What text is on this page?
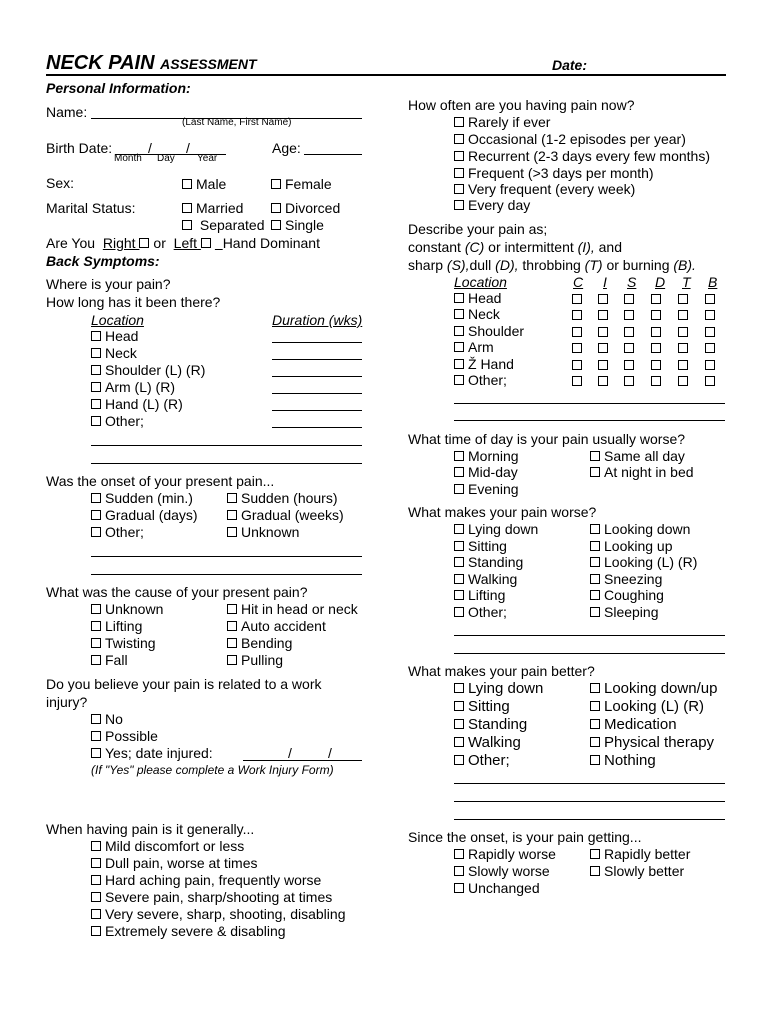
NECK PAIN ASSESSMENT	Date:
Personal Information:
Name:
(Last Name, First Name)
Birth Date:	/ /
Month Day Year
Age:
Sex:	Male	Female
Marital Status:	Married	Divorced
Separated	Single
Are You Right or Left Hand Dominant
Back Symptoms:
Where is your pain?
How long has it been there?
Location	Duration (wks)
Head
Neck
Shoulder (L) (R)
Arm (L) (R)
Hand (L) (R)
Other;
Was the onset of your present pain...
Sudden (min.)	Sudden (hours)
Gradual (days)	Gradual (weeks)
Other;	Unknown
What was the cause of your present pain?
Unknown	Hit in head or neck
Lifting	Auto accident
Twisting	Bending
Fall	Pulling
Do you believe your pain is related to a work
injury?
No
Possible
Yes; date injured:	/	/
(If "Yes" please complete a Work Injury Form)
When having pain is it generally...
Mild discomfort or less
Dull pain, worse at times
Hard aching pain, frequently worse
Severe pain, sharp/shooting at times
Very severe, sharp, shooting, disabling
Extremely severe & disabling
How often are you having pain now?
Rarely if ever
Occasional (1-2 episodes per year)
Recurrent (2-3 days every few months)
Frequent (>3 days per month)
Very frequent (every week)
Every day
Describe your pain as;
constant (C) or intermittent (I), and
sharp (S),dull (D), throbbing (T) or burning (B).
Location	C I S D T B
Head
Neck
Shoulder
Arm
Ž Hand
Other;
What time of day is your pain usually worse?
Morning	Same all day
Mid-day	At night in bed
Evening
What makes your pain worse?
Lying down	Looking down
Sitting	Looking up
Standing	Looking (L) (R)
Walking	Sneezing
Lifting	Coughing
Other;	Sleeping
What makes your pain better?
Lying down	Looking down/up
Sitting	Looking (L) (R)
Standing	Medication
Walking	Physical therapy
Other;	Nothing
Since the onset, is your pain getting...
Rapidly worse	Rapidly better
Slowly worse	Slowly better
Unchanged
